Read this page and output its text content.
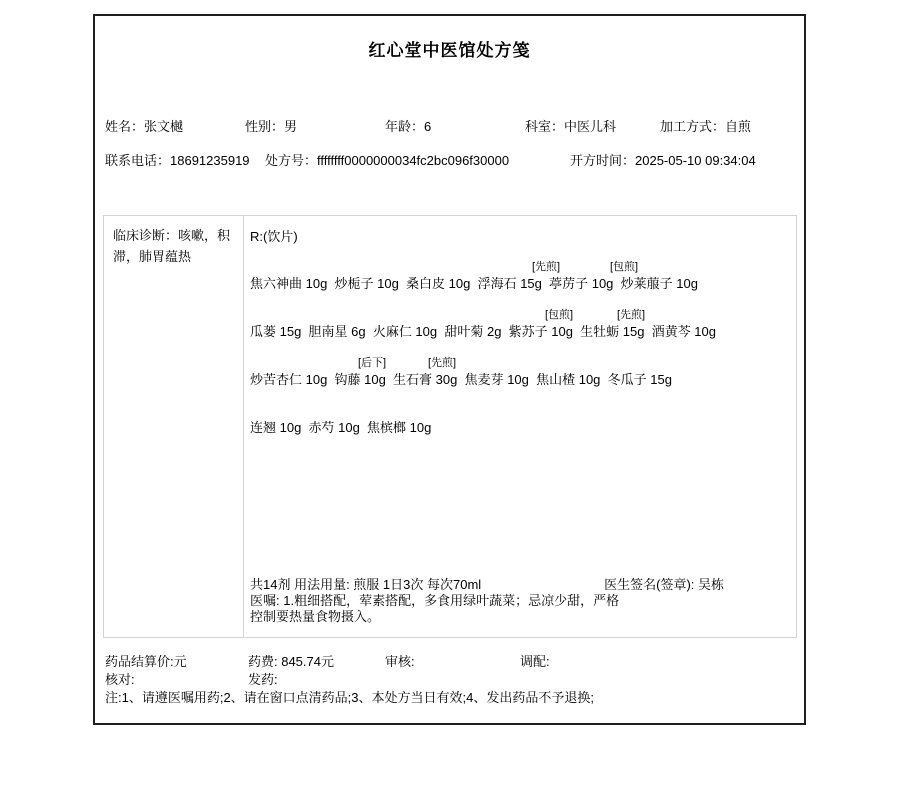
红心堂中医馆处方笺
姓名：张文樾	性别：男	年龄：6	科室：中医儿科	加工方式：自煎
联系电话：18691235919 处方号：ffffffff0000000034fc2bc096f30000	开方时间：2025-05-10 09:34:04
临床诊断：咳嗽，积滞，肺胃蕴热
R:(饮片)
[先煎]	[包煎]
焦六神曲 10g  炒栀子 10g  桑白皮 10g  浮海石 15g  葶苈子 10g  炒莱菔子 10g
[包煎]	[先煎]
瓜蒌 15g  胆南星 6g  火麻仁 10g  甜叶菊 2g  紫苏子 10g  生牡蛎 15g  酒黄芩 10g
[后下]	[先煎]
炒苦杏仁 10g  钩藤 10g  生石膏 30g  焦麦芽 10g  焦山楂 10g  冬瓜子 15g
连翘 10g  赤芍 10g  焦槟榔 10g
共14剂 用法用量: 煎服 1日3次 每次70ml	医生签名(签章): 吴栋
医嘱: 1.粗细搭配，荤素搭配，多食用绿叶蔬菜；忌凉少甜，严格
控制要热量食物摄入。
药品结算价:元	药费: 845.74元	审核:	调配:
核对:	发药:
注:1、请遵医嘱用药;2、请在窗口点清药品;3、本处方当日有效;4、发出药品不予退换;
